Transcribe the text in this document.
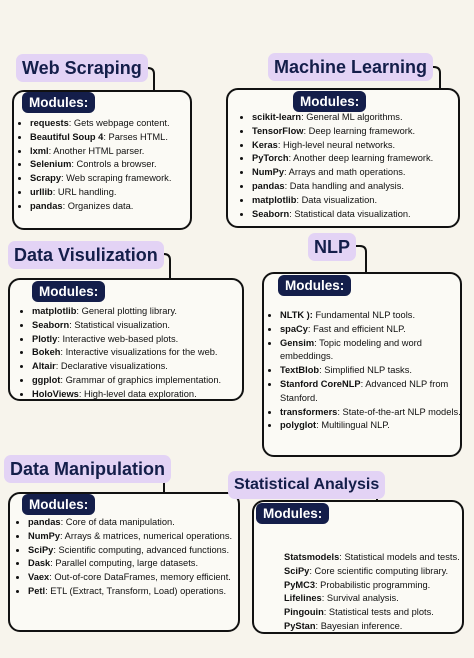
Web Scraping
Modules:
• requests: Gets webpage content.
• Beautiful Soup 4: Parses HTML.
• lxml: Another HTML parser.
• Selenium: Controls a browser.
• Scrapy: Web scraping framework.
• urllib: URL handling.
• pandas: Organizes data.
Machine Learning
Modules:
• scikit-learn: General ML algorithms.
• TensorFlow: Deep learning framework.
• Keras: High-level neural networks.
• PyTorch: Another deep learning framework.
• NumPy: Arrays and math operations.
• pandas: Data handling and analysis.
• matplotlib: Data visualization.
• Seaborn: Statistical data visualization.
Data Visulization
Modules:
• matplotlib: General plotting library.
• Seaborn: Statistical visualization.
• Plotly: Interactive web-based plots.
• Bokeh: Interactive visualizations for the web.
• Altair: Declarative visualizations.
• ggplot: Grammar of graphics implementation.
• HoloViews: High-level data exploration.
NLP
Modules:
• NLTK ): Fundamental NLP tools.
• spaCy: Fast and efficient NLP.
• Gensim: Topic modeling and word embeddings.
• TextBlob: Simplified NLP tasks.
• Stanford CoreNLP: Advanced NLP from Stanford.
• transformers: State-of-the-art NLP models.
• polyglot: Multilingual NLP.
Data Manipulation
Modules:
• pandas: Core of data manipulation.
• NumPy: Arrays & matrices, numerical operations.
• SciPy: Scientific computing, advanced functions.
• Dask: Parallel computing, large datasets.
• Vaex: Out-of-core DataFrames, memory efficient.
• Petl: ETL (Extract, Transform, Load) operations.
Statistical Analysis
Modules:
Statsmodels: Statistical models and tests.
SciPy: Core scientific computing library.
PyMC3: Probabilistic programming.
Lifelines: Survival analysis.
Pingouin: Statistical tests and plots.
PyStan: Bayesian inference.
